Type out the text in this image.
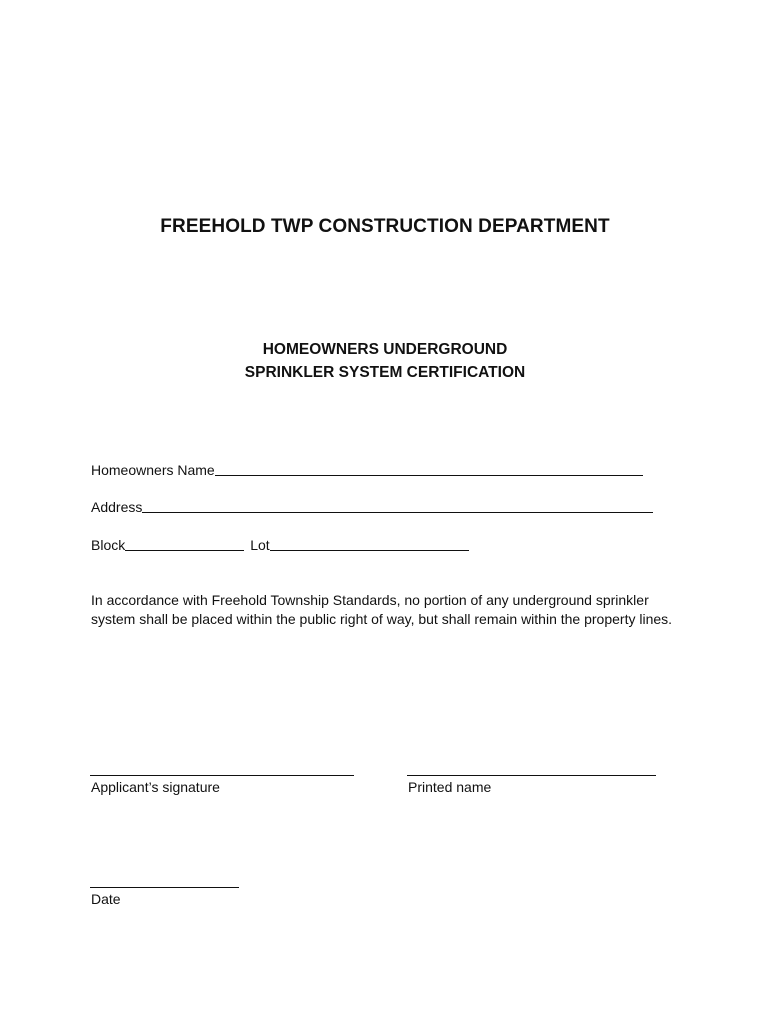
FREEHOLD TWP CONSTRUCTION DEPARTMENT
HOMEOWNERS UNDERGROUND
SPRINKLER SYSTEM CERTIFICATION
Homeowners Name
Address
Block	Lot
In accordance with Freehold Township Standards, no portion of any underground sprinkler system shall be placed within the public right of way, but shall remain within the property lines.
Applicant’s signature	Printed name
Date
